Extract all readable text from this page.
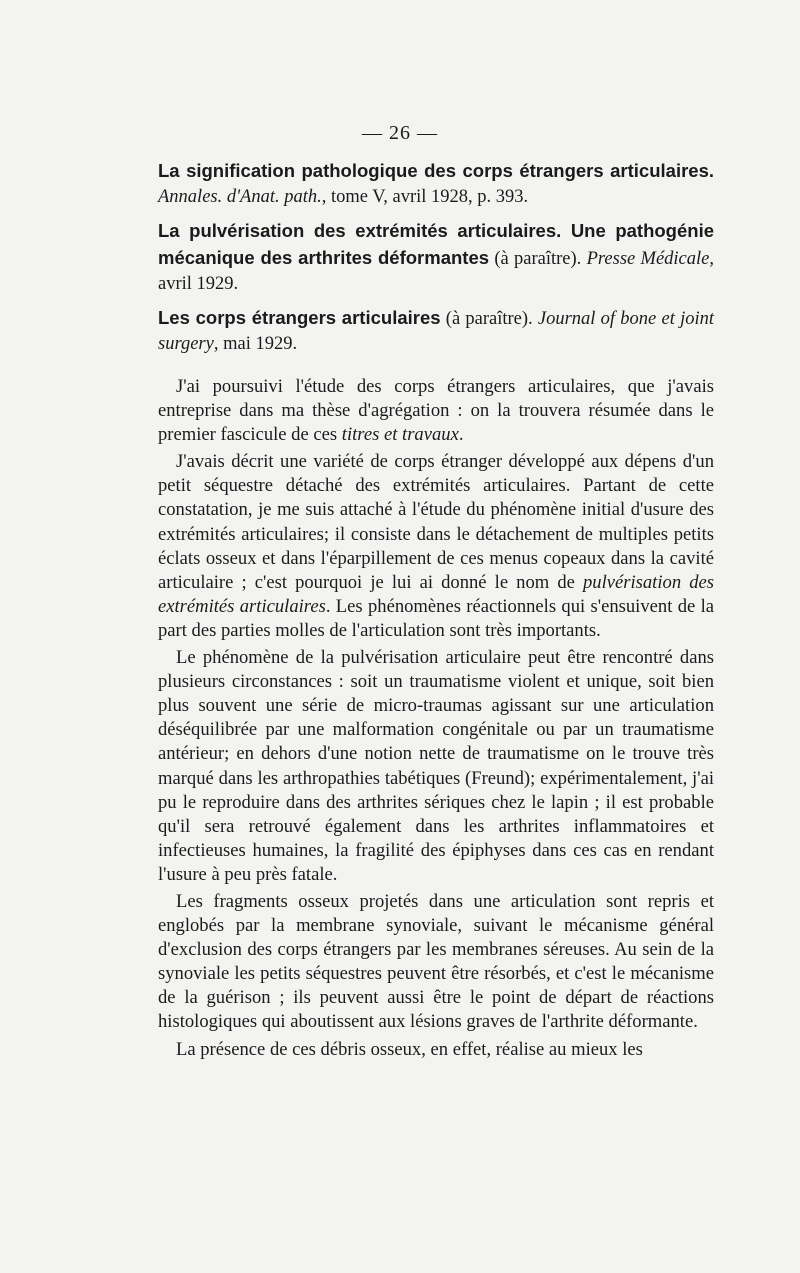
— 26 —

La signification pathologique des corps étrangers articulaires. Annales. d'Anat. path., tome V, avril 1928, p. 393.

La pulvérisation des extrémités articulaires. Une pathogénie mécanique des arthrites déformantes (à paraître). Presse Médicale, avril 1929.

Les corps étrangers articulaires (à paraître). Journal of bone et joint surgery, mai 1929.

J'ai poursuivi l'étude des corps étrangers articulaires, que j'avais entreprise dans ma thèse d'agrégation : on la trouvera résumée dans le premier fascicule de ces titres et travaux.

J'avais décrit une variété de corps étranger développé aux dépens d'un petit séquestre détaché des extrémités articulaires. Partant de cette constatation, je me suis attaché à l'étude du phénomène initial d'usure des extrémités articulaires; il consiste dans le détachement de multiples petits éclats osseux et dans l'éparpillement de ces menus copeaux dans la cavité articulaire ; c'est pourquoi je lui ai donné le nom de pulvérisation des extrémités articulaires. Les phénomènes réactionnels qui s'ensuivent de la part des parties molles de l'articulation sont très importants.

Le phénomène de la pulvérisation articulaire peut être rencontré dans plusieurs circonstances : soit un traumatisme violent et unique, soit bien plus souvent une série de micro-traumas agissant sur une articulation déséquilibrée par une malformation congénitale ou par un traumatisme antérieur; en dehors d'une notion nette de traumatisme on le trouve très marqué dans les arthropathies tabétiques (Freund); expérimentalement, j'ai pu le reproduire dans des arthrites sériques chez le lapin ; il est probable qu'il sera retrouvé également dans les arthrites inflammatoires et infectieuses humaines, la fragilité des épiphyses dans ces cas en rendant l'usure à peu près fatale.

Les fragments osseux projetés dans une articulation sont repris et englobés par la membrane synoviale, suivant le mécanisme général d'exclusion des corps étrangers par les membranes séreuses. Au sein de la synoviale les petits séquestres peuvent être résorbés, et c'est le mécanisme de la guérison ; ils peuvent aussi être le point de départ de réactions histologiques qui aboutissent aux lésions graves de l'arthrite déformante.

La présence de ces débris osseux, en effet, réalise au mieux les
